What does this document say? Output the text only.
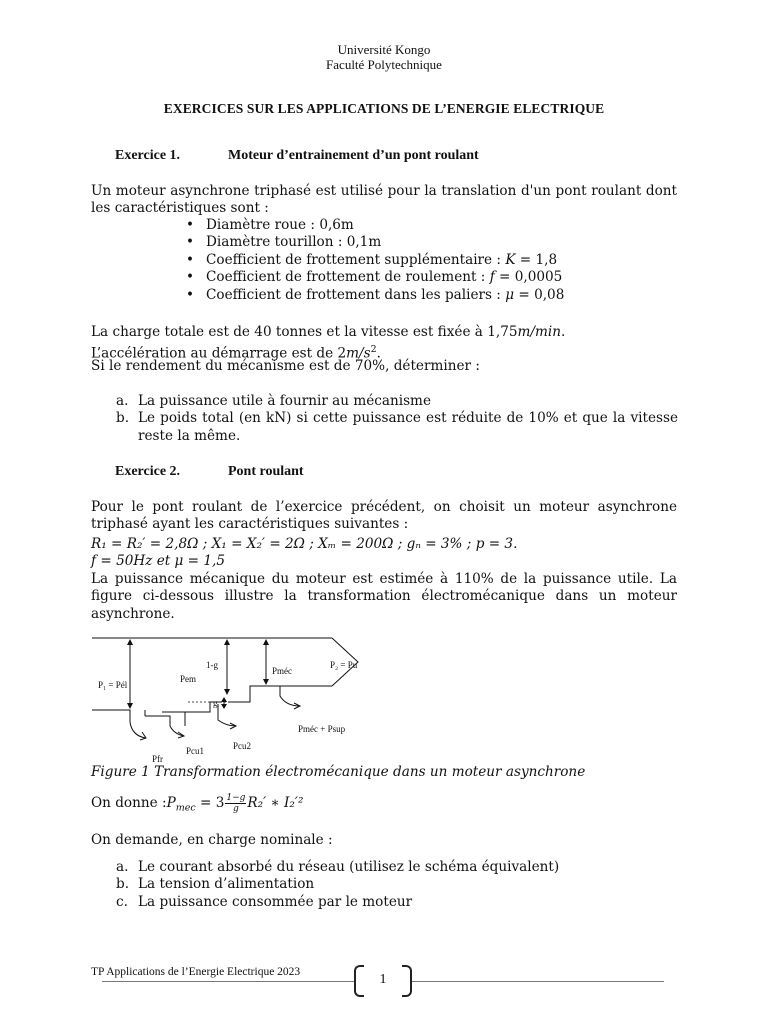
Université Kongo
Faculté Polytechnique
EXERCICES SUR LES APPLICATIONS DE L’ENERGIE ELECTRIQUE
Exercice 1.	Moteur d’entrainement d’un pont roulant
Un moteur asynchrone triphasé est utilisé pour la translation d'un pont roulant dont les caractéristiques sont :
• Diamètre roue : 0,6m
• Diamètre tourillon : 0,1m
• Coefficient de frottement supplémentaire : K = 1,8
• Coefficient de frottement de roulement : f = 0,0005
• Coefficient de frottement dans les paliers : μ = 0,08
La charge totale est de 40 tonnes et la vitesse est fixée à 1,75m/min.
L’accélération au démarrage est de $2m/s^2$.
Si le rendement du mécanisme est de 70%, déterminer :
a. La puissance utile à fournir au mécanisme
b. Le poids total (en kN) si cette puissance est réduite de 10% et que la vitesse reste la même.
Exercice 2.	Pont roulant
Pour le pont roulant de l’exercice précédent, on choisit un moteur asynchrone triphasé ayant les caractéristiques suivantes :
R₁ = R₂′ = 2,8Ω ; X₁ = X₂′ = 2Ω ; Xₘ = 200Ω ; gₙ = 3% ; p = 3.
f = 50Hz et μ = 1,5
La puissance mécanique du moteur est estimée à 110% de la puissance utile. La figure ci-dessous illustre la transformation électromécanique dans un moteur asynchrone.
P₁ = Pél
Pem
1-g
g
Pméc
P₂ = Pu
Pfr
Pcu1	Pcu2
Pméc + Psup
Figure 1 Transformation électromécanique dans un moteur asynchrone
On donne $:P_{mec} = 3 \frac{1-g}{g} R_2'$ ∗ I₂′²
On demande, en charge nominale :
a. Le courant absorbé du réseau (utilisez le schéma équivalent)
b. La tension d’alimentation
c. La puissance consommée par le moteur
TP Applications de l’Energie Electrique 2023	1
